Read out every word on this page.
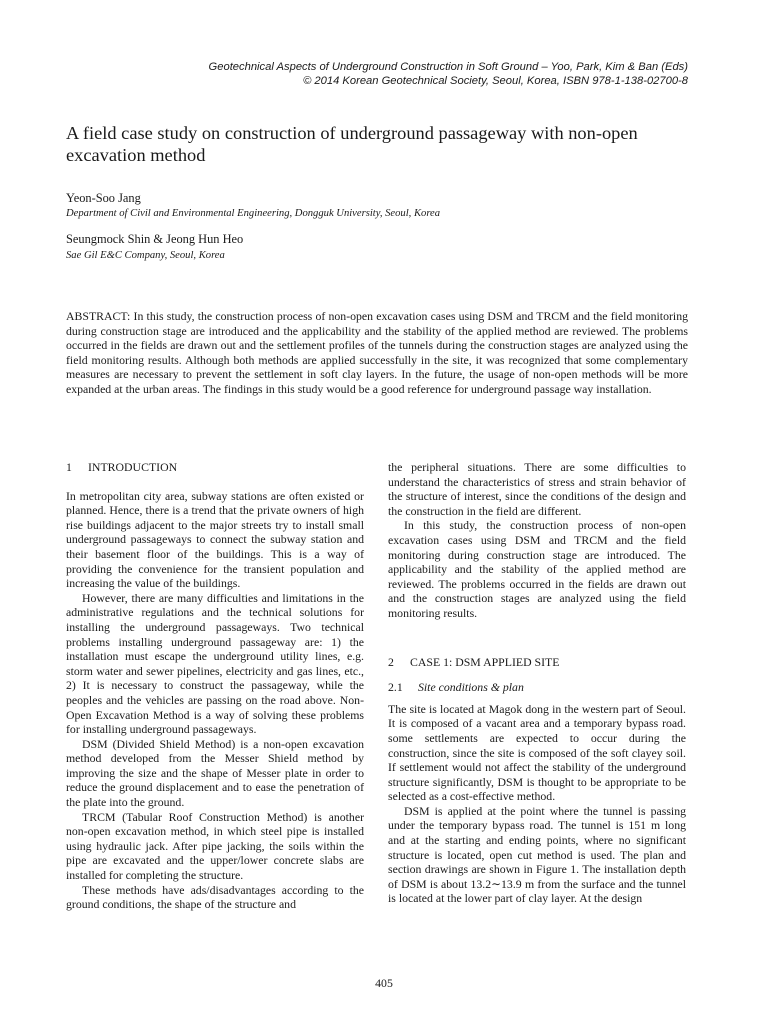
Geotechnical Aspects of Underground Construction in Soft Ground – Yoo, Park, Kim & Ban (Eds)
© 2014 Korean Geotechnical Society, Seoul, Korea, ISBN 978-1-138-02700-8
A field case study on construction of underground passageway with non-open excavation method
Yeon-Soo Jang
Department of Civil and Environmental Engineering, Dongguk University, Seoul, Korea
Seungmock Shin & Jeong Hun Heo
Sae Gil E&C Company, Seoul, Korea

ABSTRACT: In this study, the construction process of non-open excavation cases using DSM and TRCM and the field monitoring during construction stage are introduced and the applicability and the stability of the applied method are reviewed. The problems occurred in the fields are drawn out and the settlement profiles of the tunnels during the construction stages are analyzed using the field monitoring results. Although both methods are applied successfully in the site, it was recognized that some complementary measures are necessary to prevent the settlement in soft clay layers. In the future, the usage of non-open methods will be more expanded at the urban areas. The findings in this study would be a good reference for underground passage way installation.

1 INTRODUCTION

In metropolitan city area, subway stations are often existed or planned. Hence, there is a trend that the private owners of high rise buildings adjacent to the major streets try to install small underground passageways to connect the subway station and their basement floor of the buildings. This is a way of providing the convenience for the transient population and increasing the value of the buildings.

However, there are many difficulties and limitations in the administrative regulations and the technical solutions for installing the underground passageways. Two technical problems installing underground passageway are: 1) the installation must escape the underground utility lines, e.g. storm water and sewer pipelines, electricity and gas lines, etc., 2) It is necessary to construct the passageway, while the peoples and the vehicles are passing on the road above. Non-Open Excavation Method is a way of solving these problems for installing underground passageways.

DSM (Divided Shield Method) is a non-open excavation method developed from the Messer Shield method by improving the size and the shape of Messer plate in order to reduce the ground displacement and to ease the penetration of the plate into the ground.

TRCM (Tabular Roof Construction Method) is another non-open excavation method, in which steel pipe is installed using hydraulic jack. After pipe jacking, the soils within the pipe are excavated and the upper/lower concrete slabs are installed for completing the structure.

These methods have ads/disadvantages according to the ground conditions, the shape of the structure and

the peripheral situations. There are some difficulties to understand the characteristics of stress and strain behavior of the structure of interest, since the conditions of the design and the construction in the field are different.

In this study, the construction process of non-open excavation cases using DSM and TRCM and the field monitoring during construction stage are introduced. The applicability and the stability of the applied method are reviewed. The problems occurred in the fields are drawn out and the construction stages are analyzed using the field monitoring results.

2 CASE 1: DSM APPLIED SITE
2.1 Site conditions & plan

The site is located at Magok dong in the western part of Seoul. It is composed of a vacant area and a temporary bypass road. some settlements are expected to occur during the construction, since the site is composed of the soft clayey soil. If settlement would not affect the stability of the underground structure significantly, DSM is thought to be appropriate to be selected as a cost-effective method.

DSM is applied at the point where the tunnel is passing under the temporary bypass road. The tunnel is 151 m long and at the starting and ending points, where no significant structure is located, open cut method is used. The plan and section drawings are shown in Figure 1. The installation depth of DSM is about 13.2∼13.9 m from the surface and the tunnel is located at the lower part of clay layer. At the design

405
